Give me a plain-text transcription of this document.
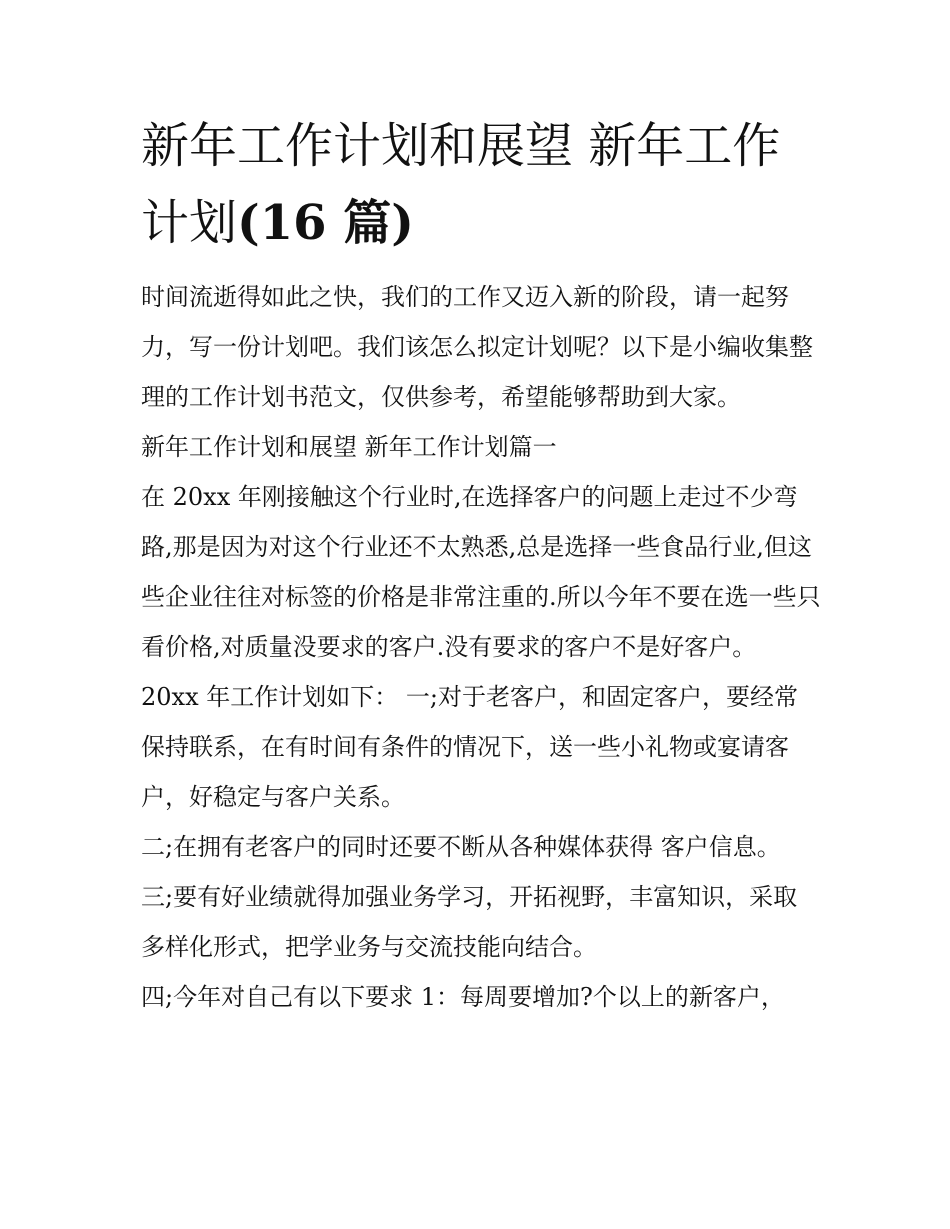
新年工作计划和展望 新年工作计划(16 篇)

时间流逝得如此之快，我们的工作又迈入新的阶段，请一起努力，写一份计划吧。我们该怎么拟定计划呢？以下是小编收集整理的工作计划书范文，仅供参考，希望能够帮助到大家。

新年工作计划和展望 新年工作计划篇一

在 20xx 年刚接触这个行业时,在选择客户的问题上走过不少弯路,那是因为对这个行业还不太熟悉,总是选择一些食品行业,但这些企业往往对标签的价格是非常注重的.所以今年不要在选一些只看价格,对质量没要求的客户.没有要求的客户不是好客户。

20xx 年工作计划如下： 一;对于老客户，和固定客户，要经常保持联系，在有时间有条件的情况下，送一些小礼物或宴请客户，好稳定与客户关系。

二;在拥有老客户的同时还要不断从各种媒体获得 客户信息。

三;要有好业绩就得加强业务学习，开拓视野，丰富知识，采取多样化形式，把学业务与交流技能向结合。

四;今年对自己有以下要求 1：每周要增加?个以上的新客户，
